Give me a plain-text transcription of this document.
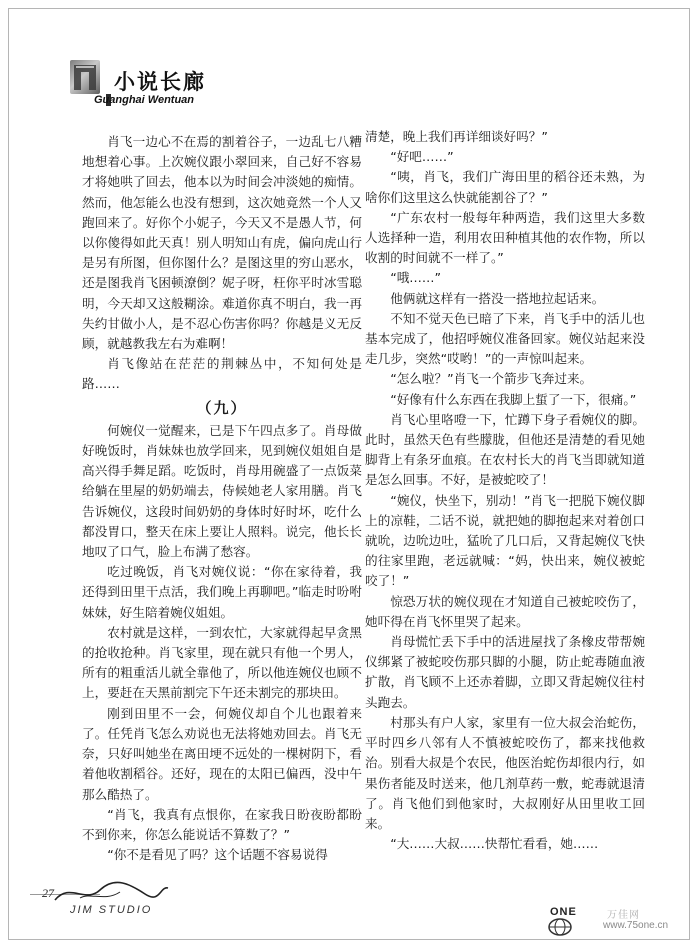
小说长廊
Guanghai Wentuan

肖飞一边心不在焉的割着谷子，一边乱七八糟地想着心事。上次婉仪跟小翠回来，自己好不容易才将她哄了回去，他本以为时间会冲淡她的痴情。然而，他怎能么也没有想到，这次她竟然一个人又跑回来了。好你个小妮子，今天又不是愚人节，何以你傻得如此天真！别人明知山有虎，偏向虎山行是另有所图，但你图什么？是图这里的穷山恶水，还是图我肖飞困顿潦倒？妮子呀，枉你平时冰雪聪明，今天却又这般糊涂。难道你真不明白，我一再失约甘做小人，是不忍心伤害你吗？你越是义无反顾，就越教我左右为难啊！

肖飞像站在茫茫的荆棘丛中，不知何处是路……

（九）

何婉仪一觉醒来，已是下午四点多了。肖母做好晚饭时，肖妹妹也放学回来，见到婉仪姐姐自是高兴得手舞足蹈。吃饭时，肖母用碗盛了一点饭菜给躺在里屋的奶奶端去，侍候她老人家用膳。肖飞告诉婉仪，这段时间奶奶的身体时好时坏，吃什么都没胃口，整天在床上要让人照料。说完，他长长地叹了口气，脸上布满了愁容。

吃过晚饭，肖飞对婉仪说：“你在家待着，我还得到田里干点活，我们晚上再聊吧。”临走时吩咐妹妹，好生陪着婉仪姐姐。

农村就是这样，一到农忙，大家就得起早贪黑的抢收抢种。肖飞家里，现在就只有他一个男人，所有的粗重活儿就全靠他了，所以他连婉仪也顾不上，要赶在天黑前割完下午还未割完的那块田。

刚到田里不一会，何婉仪却自个儿也跟着来了。任凭肖飞怎么劝说也无法将她劝回去。肖飞无奈，只好叫她坐在离田埂不远处的一棵树阴下，看着他收割稻谷。还好，现在的太阳已偏西，没中午那么酷热了。

“肖飞，我真有点恨你，在家我日盼夜盼都盼不到你来，你怎么能说话不算数了？”

“你不是看见了吗？这个话题不容易说得

清楚，晚上我们再详细谈好吗？”

“好吧……”

“咦，肖飞，我们广海田里的稻谷还未熟，为啥你们这里这么快就能割谷了？”

“广东农村一般每年种两造，我们这里大多数人选择种一造，利用农田种植其他的农作物，所以收割的时间就不一样了。”

“哦……”

他俩就这样有一搭没一搭地拉起话来。

不知不觉天色已暗了下来，肖飞手中的活儿也基本完成了，他招呼婉仪准备回家。婉仪站起来没走几步，突然“哎哟！”的一声惊叫起来。

“怎么啦？”肖飞一个箭步飞奔过来。

“好像有什么东西在我脚上蜇了一下，很痛。”

肖飞心里咯噔一下，忙蹲下身子看婉仪的脚。此时，虽然天色有些朦胧，但他还是清楚的看见她脚背上有条牙血痕。在农村长大的肖飞当即就知道是怎么回事。不好，是被蛇咬了！

“婉仪，快坐下，别动！”肖飞一把脱下婉仪脚上的凉鞋，二话不说，就把她的脚抱起来对着创口就吮，边吮边吐，猛吮了几口后，又背起婉仪飞快的往家里跑，老远就喊：“妈，快出来，婉仪被蛇咬了！”

惊恐万状的婉仪现在才知道自己被蛇咬伤了，她吓得在肖飞怀里哭了起来。

肖母慌忙丢下手中的活进屋找了条橡皮带帮婉仪绑紧了被蛇咬伤那只脚的小腿，防止蛇毒随血液扩散，肖飞顾不上还赤着脚，立即又背起婉仪往村头跑去。

村那头有户人家，家里有一位大叔会治蛇伤，平时四乡八邻有人不慎被蛇咬伤了，都来找他救治。别看大叔是个农民，他医治蛇伤却很内行，如果伤者能及时送来，他几剂草药一敷，蛇毒就退清了。肖飞他们到他家时，大叔刚好从田里收工回来。

“大……大叔……快帮忙看看，她……

27
JIM STUDIO	ONE	万佳网
www.75one.cn
